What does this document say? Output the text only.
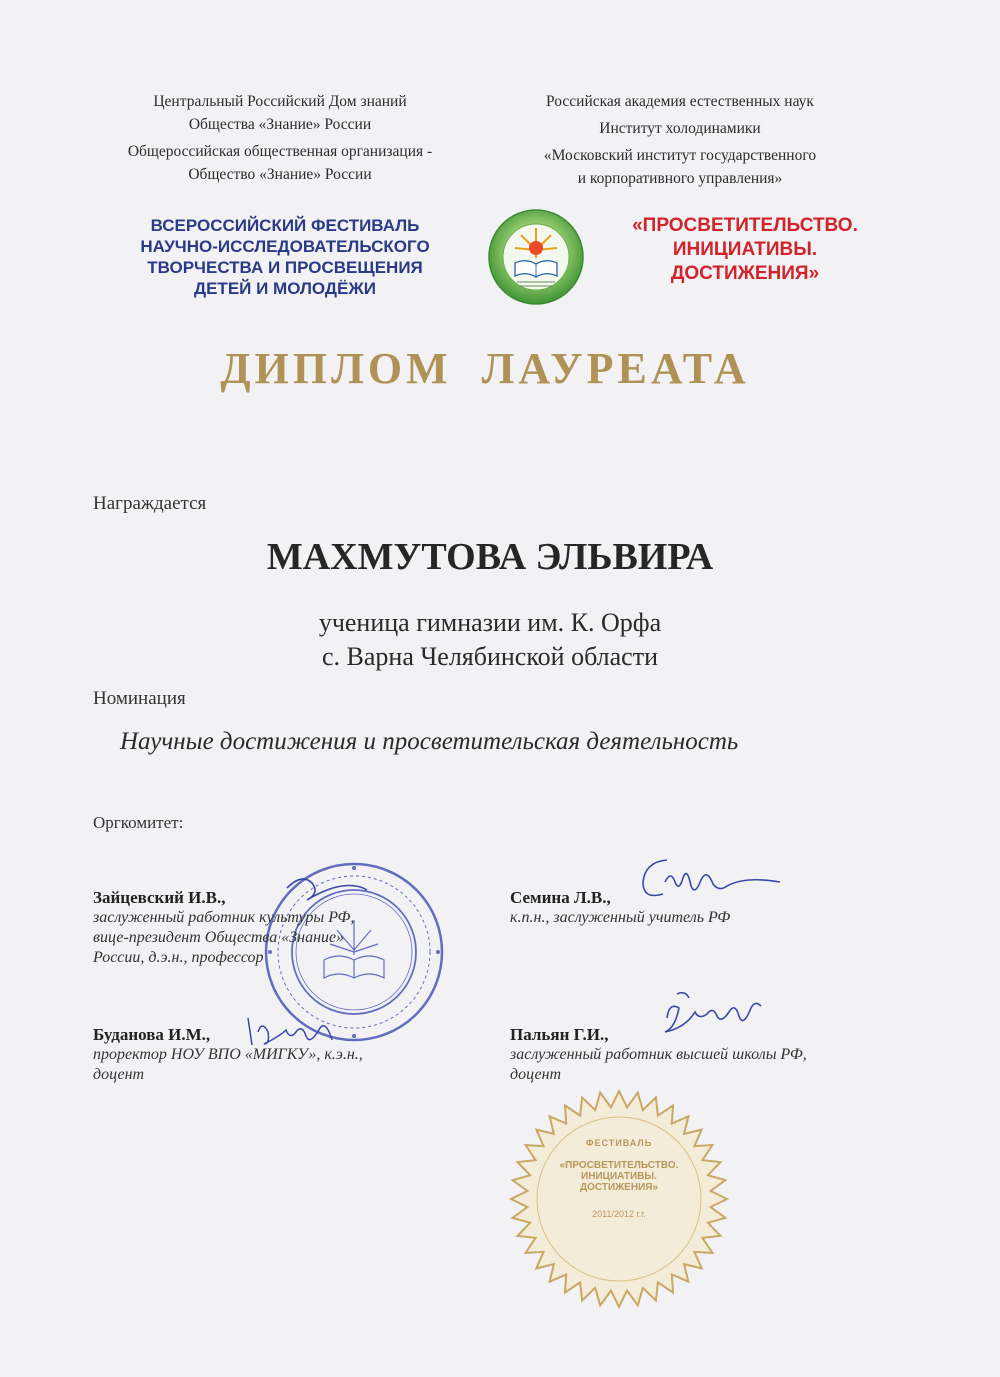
Центральный Российский Дом знаний
Общества «Знание» России
Общероссийская общественная организация -
Общество «Знание» России
Российская академия естественных наук
Институт холодинамики
«Московский институт государственного
и корпоративного управления»
ВСЕРОССИЙСКИЙ ФЕСТИВАЛЬ
НАУЧНО-ИССЛЕДОВАТЕЛЬСКОГО
ТВОРЧЕСТВА И ПРОСВЕЩЕНИЯ
ДЕТЕЙ И МОЛОДЁЖИ
«ПРОСВЕТИТЕЛЬСТВО.
ИНИЦИАТИВЫ.
ДОСТИЖЕНИЯ»
ДИПЛОМ  ЛАУРЕАТА
Награждается
МАХМУТОВА ЭЛЬВИРА
ученица гимназии им. К. Орфа
с. Варна Челябинской области
Номинация
Научные достижения и просветительская деятельность
Оргкомитет:
Зайцевский И.В.,
заслуженный работник культуры РФ,
вице-президент Общества «Знание»
России, д.э.н., профессор
Семина Л.В.,
к.п.н., заслуженный учитель РФ
Буданова И.М.,
проректор НОУ ВПО «МИГКУ», к.э.н.,
доцент
Пальян Г.И.,
заслуженный работник высшей школы РФ,
доцент
ФЕСТИВАЛЬ
«ПРОСВЕТИТЕЛЬСТВО.
ИНИЦИАТИВЫ.
ДОСТИЖЕНИЯ»
2011/2012 г.г.
